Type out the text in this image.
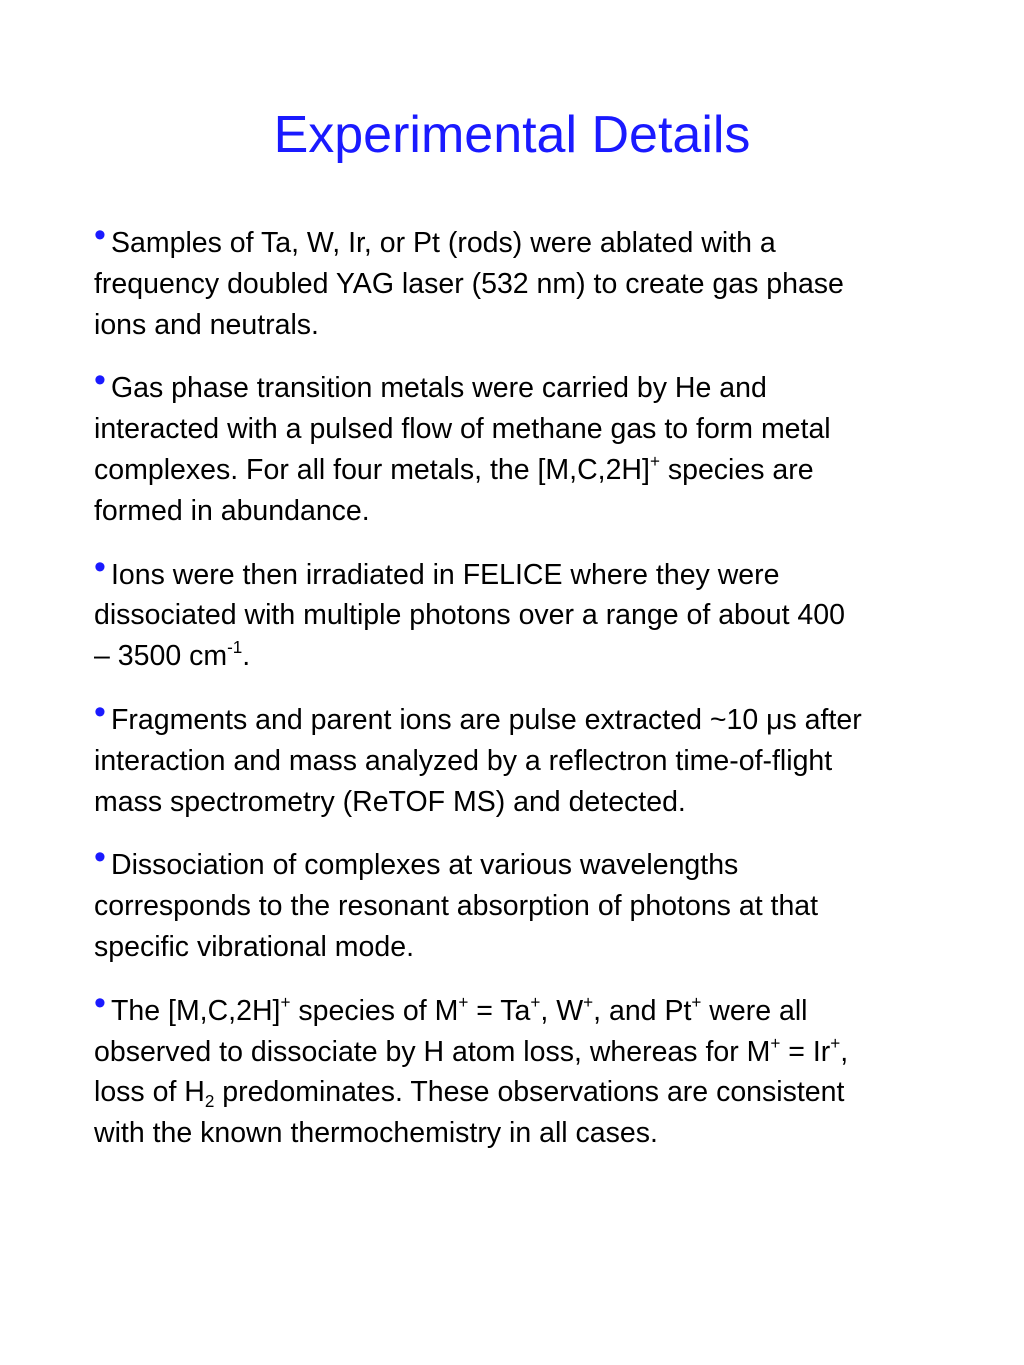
Experimental Details
• Samples of Ta, W, Ir, or Pt (rods) were ablated with a
frequency doubled YAG laser (532 nm) to create gas phase
ions and neutrals.
• Gas phase transition metals were carried by He and
interacted with a pulsed flow of methane gas to form metal
complexes. For all four metals, the [M,C,2H]+ species are
formed in abundance.
• Ions were then irradiated in FELICE where they were
dissociated with multiple photons over a range of about 400
– 3500 $cm^{-1}$.
• Fragments and parent ions are pulse extracted ~10 μs after
interaction and mass analyzed by a reflectron time-of-flight
mass spectrometry (ReTOF MS) and detected.
• Dissociation of complexes at various wavelengths
corresponds to the resonant absorption of photons at that
specific vibrational mode.
• The [M,C,2H]+ species of M+ = Ta+, W+, and Pt+ were all
observed to dissociate by H atom loss, whereas for M+ = Ir+,
loss of $H_2$ predominates. These observations are consistent
with the known thermochemistry in all cases.
